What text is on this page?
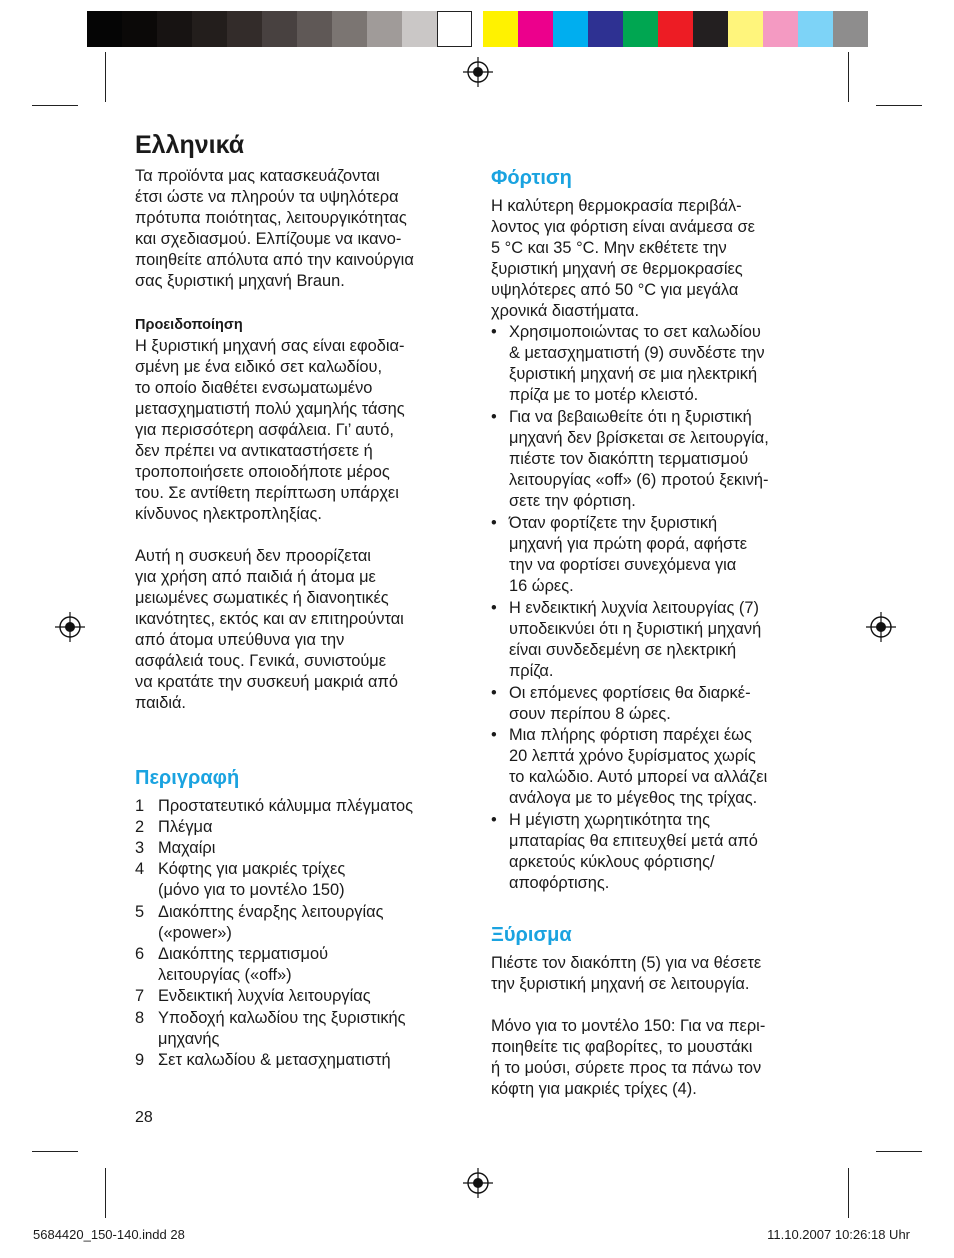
Ελληνικά
Τα προϊόντα μας κατασκευάζονται
έτσι ώστε να πληρούν τα υψηλότερα
πρότυπα ποιότητας, λειτουργικότητας
και σχεδιασμού. Ελπίζουμε να ικανο-
ποιηθείτε απόλυτα από την καινούργια
σας ξυριστική μηχανή Braun.
Προειδοποίηση
Η ξυριστική μηχανή σας είναι εφοδια-
σμένη με ένα ειδικό σετ καλωδίου,
το οποίο διαθέτει ενσωματωμένο
μετασχηματιστή πολύ χαμηλής τάσης
για περισσότερη ασφάλεια. Γι’ αυτό,
δεν πρέπει να αντικαταστήσετε ή
τροποποιήσετε οποιοδήποτε μέρος
του. Σε αντίθετη περίπτωση υπάρχει
κίνδυνος ηλεκτροπληξίας.
Αυτή η συσκευή δεν προορίζεται
για χρήση από παιδιά ή άτομα με
μειωμένες σωματικές ή διανοητικές
ικανότητες, εκτός και αν επιτηρούνται
από άτομα υπεύθυνα για την
ασφάλειά τους. Γενικά, συνιστούμε
να κρατάτε την συσκευή μακριά από
παιδιά.
Περιγραφή
1 Προστατευτικό κάλυμμα πλέγματος
2 Πλέγμα
3 Μαχαίρι
4 Κόφτης για μακριές τρίχες
(μόνο για το μοντέλο 150)
5 Διακόπτης έναρξης λειτουργίας
(«power»)
6 Διακόπτης τερματισμού
λειτουργίας («off»)
7 Ενδεικτική λυχνία λειτουργίας
8 Υποδοχή καλωδίου της ξυριστικής
μηχανής
9 Σετ καλωδίου & μετασχηματιστή
28
Φόρτιση
Η καλύτερη θερμοκρασία περιβάλ-
λοντος για φόρτιση είναι ανάμεσα σε
5 °C και 35 °C. Μην εκθέτετε την
ξυριστική μηχανή σε θερμοκρασίες
υψηλότερες από 50 °C για μεγάλα
χρονικά διαστήματα.
• Χρησιμοποιώντας το σετ καλωδίου
& μετασχηματιστή (9) συνδέστε την
ξυριστική μηχανή σε μια ηλεκτρική
πρίζα με το μοτέρ κλειστό.
• Για να βεβαιωθείτε ότι η ξυριστική
μηχανή δεν βρίσκεται σε λειτουργία,
πιέστε τον διακόπτη τερματισμού
λειτουργίας «off» (6) προτού ξεκινή-
σετε την φόρτιση.
• Όταν φορτίζετε την ξυριστική
μηχανή για πρώτη φορά, αφήστε
την να φορτίσει συνεχόμενα για
16 ώρες.
• Η ενδεικτική λυχνία λειτουργίας (7)
υποδεικνύει ότι η ξυριστική μηχανή
είναι συνδεδεμένη σε ηλεκτρική
πρίζα.
• Οι επόμενες φορτίσεις θα διαρκέ-
σουν περίπου 8 ώρες.
• Μια πλήρης φόρτιση παρέχει έως
20 λεπτά χρόνο ξυρίσματος χωρίς
το καλώδιο. Αυτό μπορεί να αλλάζει
ανάλογα με το μέγεθος της τρίχας.
• Η μέγιστη χωρητικότητα της
μπαταρίας θα επιτευχθεί μετά από
αρκετούς κύκλους φόρτισης/
αποφόρτισης.
Ξύρισμα
Πιέστε τον διακόπτη (5) για να θέσετε
την ξυριστική μηχανή σε λειτουργία.
Μόνο για το μοντέλο 150: Για να περι-
ποιηθείτε τις φαβορίτες, το μουστάκι
ή το μούσι, σύρετε προς τα πάνω τον
κόφτη για μακριές τρίχες (4).
5684420_150-140.indd 28	11.10.2007 10:26:18 Uhr
